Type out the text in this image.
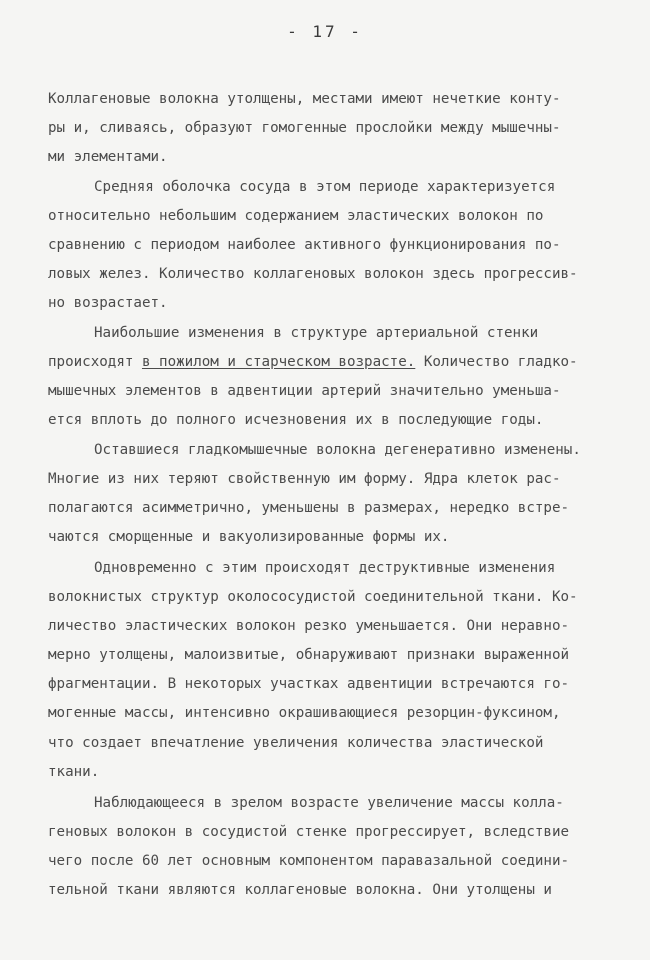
- 17 -
Коллагеновые волокна утолщены, местами имеют нечеткие конту-
ры и, сливаясь, образуют гомогенные прослойки между мышечны-
ми элементами.
Средняя оболочка сосуда в этом периоде характеризуется
относительно небольшим содержанием эластических волокон по
сравнению с периодом наиболее активного функционирования по-
ловых желез. Количество коллагеновых волокон здесь прогрессив-
но возрастает.
Наибольшие изменения в структуре артериальной стенки
происходят в пожилом и старческом возрасте. Количество гладко-
мышечных элементов в адвентиции артерий значительно уменьша-
ется вплоть до полного исчезновения их в последующие годы.
Оставшиеся гладкомышечные волокна дегенеративно изменены.
Многие из них теряют свойственную им форму. Ядра клеток рас-
полагаются асимметрично, уменьшены в размерах, нередко встре-
чаются сморщенные и вакуолизированные формы их.
Одновременно с этим происходят деструктивные изменения
волокнистых структур околососудистой соединительной ткани. Ко-
личество эластических волокон резко уменьшается. Они неравно-
мерно утолщены, малоизвитые, обнаруживают признаки выраженной
фрагментации. В некоторых участках адвентиции встречаются го-
могенные массы, интенсивно окрашивающиеся резорцин-фуксином,
что создает впечатление увеличения количества эластической
ткани.
Наблюдающееся в зрелом возрасте увеличение массы колла-
геновых волокон в сосудистой стенке прогрессирует, вследствие
чего после 60 лет основным компонентом паравазальной соедини-
тельной ткани являются коллагеновые волокна. Они утолщены и
